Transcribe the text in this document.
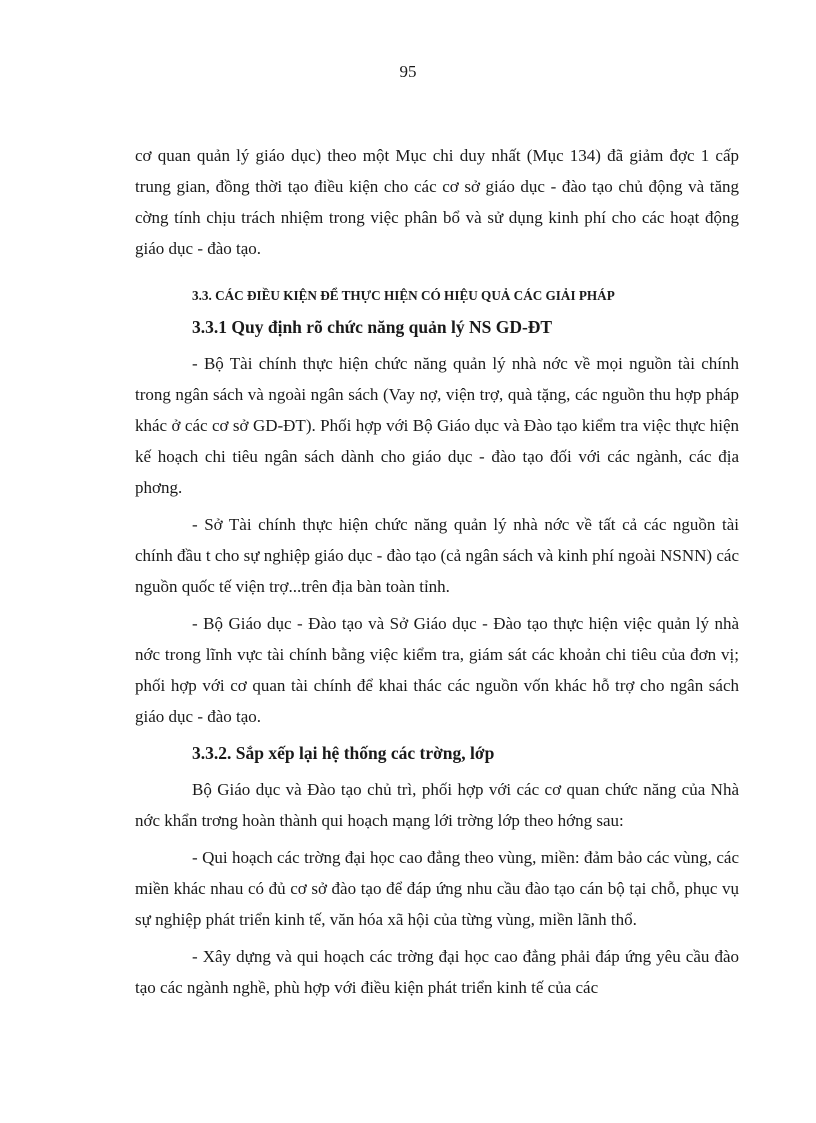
95

cơ quan quản lý giáo dục) theo một Mục chi duy nhất (Mục 134) đã giảm đợc 1 cấp trung gian, đồng thời tạo điều kiện cho các cơ sở giáo dục - đào tạo chủ động và tăng cờng tính chịu trách nhiệm trong việc phân bổ và sử dụng kinh phí cho các hoạt động giáo dục - đào tạo.

3.3. CÁC ĐIỀU KIỆN ĐỂ THỰC HIỆN CÓ HIỆU QUẢ CÁC GIẢI PHÁP
3.3.1 Quy định rõ chức năng quản lý NS GD-ĐT

- Bộ Tài chính thực hiện chức năng quản lý nhà nớc về mọi nguồn tài chính trong ngân sách và ngoài ngân sách (Vay nợ, viện trợ, quà tặng, các nguồn thu hợp pháp khác ở các cơ sở GD-ĐT). Phối hợp với Bộ Giáo dục và Đào tạo kiểm tra việc thực hiện kế hoạch chi tiêu ngân sách dành cho giáo dục - đào tạo đối với các ngành, các địa phơng.

- Sở Tài chính thực hiện chức năng quản lý nhà nớc về tất cả các nguồn tài chính đầu t cho sự nghiệp giáo dục - đào tạo (cả ngân sách và kinh phí ngoài NSNN) các nguồn quốc tế viện trợ...trên địa bàn toàn tỉnh.

- Bộ Giáo dục - Đào tạo và Sở Giáo dục - Đào tạo thực hiện việc quản lý nhà nớc trong lĩnh vực tài chính bằng việc kiểm tra, giám sát các khoản chi tiêu của đơn vị; phối hợp với cơ quan tài chính để khai thác các nguồn vốn khác hỗ trợ cho ngân sách giáo dục - đào tạo.

3.3.2. Sắp xếp lại hệ thống các trờng, lớp

Bộ Giáo dục và Đào tạo chủ trì, phối hợp với các cơ quan chức năng của Nhà nớc khẩn trơng hoàn thành qui hoạch mạng lới trờng lớp theo hớng sau:

- Qui hoạch các trờng đại học cao đẳng theo vùng, miền: đảm bảo các vùng, các miền khác nhau có đủ cơ sở đào tạo để đáp ứng nhu cầu đào tạo cán bộ tại chỗ, phục vụ sự nghiệp phát triển kinh tế, văn hóa xã hội của từng vùng, miền lãnh thổ.

- Xây dựng và qui hoạch các trờng đại học cao đẳng phải đáp ứng yêu cầu đào tạo các ngành nghề, phù hợp với điều kiện phát triển kinh tế của các
